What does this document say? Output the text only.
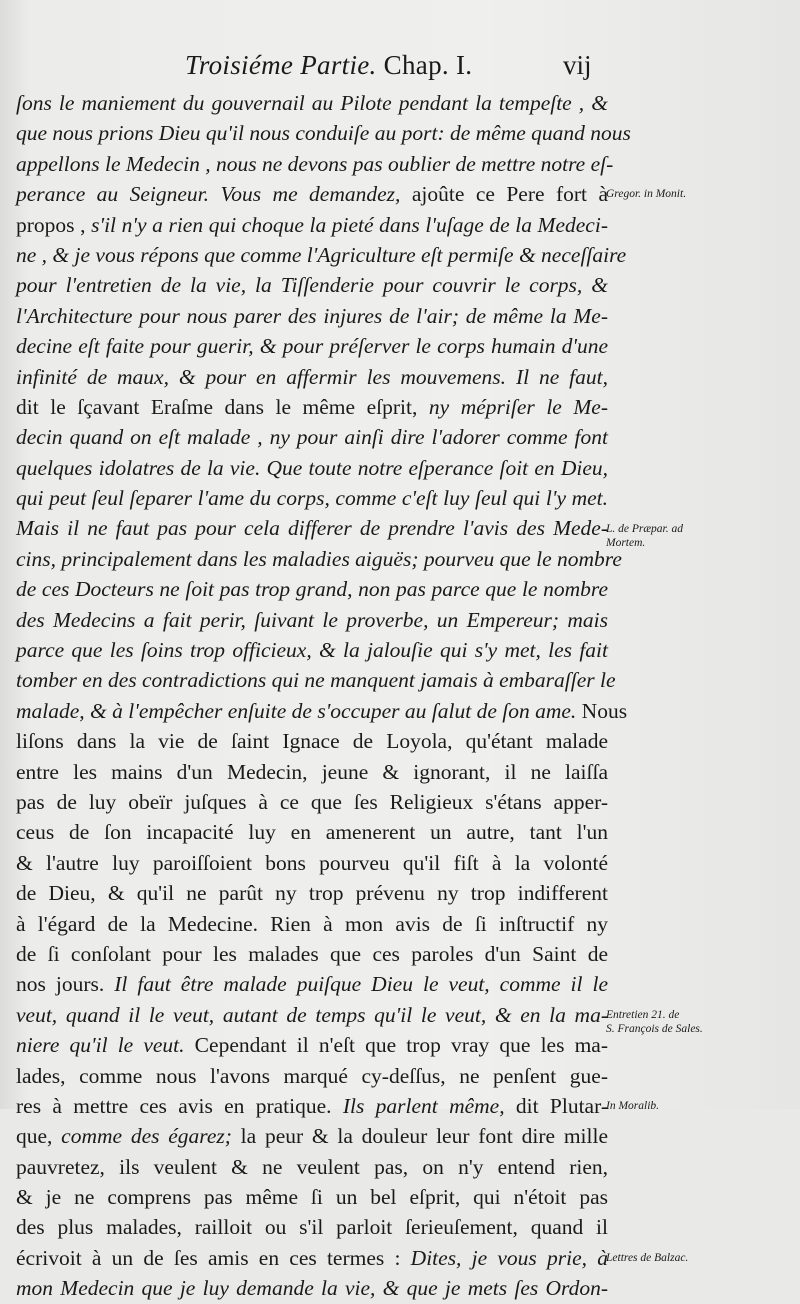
Troisiéme Partie. Chap. I.	vij
ſons le maniement du gouvernail au Pilote pendant la tempeſte , &
que nous prions Dieu qu'il nous conduiſe au port: de même quand nous
appellons le Medecin , nous ne devons pas oublier de mettre notre eſ-
perance au Seigneur. Vous me demandez, ajoûte ce Pere fort à
propos , s'il n'y a rien qui choque la pieté dans l'uſage de la Medeci-
ne , & je vous répons que comme l'Agriculture eſt permiſe & neceſſaire
pour l'entretien de la vie, la Tiſſenderie pour couvrir le corps, &
l'Architecture pour nous parer des injures de l'air; de même la Me-
decine eſt faite pour guerir, & pour préſerver le corps humain d'une
infinité de maux, & pour en affermir les mouvemens. Il ne faut,
dit le ſçavant Eraſme dans le même eſprit, ny mépriſer le Me-
decin quand on eſt malade , ny pour ainſi dire l'adorer comme font
quelques idolatres de la vie. Que toute notre eſperance ſoit en Dieu,
qui peut ſeul ſeparer l'ame du corps, comme c'eſt luy ſeul qui l'y met.
Mais il ne faut pas pour cela differer de prendre l'avis des Mede-
cins, principalement dans les maladies aiguës; pourveu que le nombre
de ces Docteurs ne ſoit pas trop grand, non pas parce que le nombre
des Medecins a fait perir, ſuivant le proverbe, un Empereur; mais
parce que les ſoins trop officieux, & la jalouſie qui s'y met, les fait
tomber en des contradictions qui ne manquent jamais à embaraſſer le
malade, & à l'empêcher enſuite de s'occuper au ſalut de ſon ame. Nous
liſons dans la vie de ſaint Ignace de Loyola, qu'étant malade
entre les mains d'un Medecin, jeune & ignorant, il ne laiſſa
pas de luy obeïr juſques à ce que ſes Religieux s'étans apper-
ceus de ſon incapacité luy en amenerent un autre, tant l'un
& l'autre luy paroiſſoient bons pourveu qu'il fiſt à la volonté
de Dieu, & qu'il ne parût ny trop prévenu ny trop indifferent
à l'égard de la Medecine. Rien à mon avis de ſi inſtructif ny
de ſi conſolant pour les malades que ces paroles d'un Saint de
nos jours. Il faut être malade puiſque Dieu le veut, comme il le
veut, quand il le veut, autant de temps qu'il le veut, & en la ma-
niere qu'il le veut. Cependant il n'eſt que trop vray que les ma-
lades, comme nous l'avons marqué cy-deſſus, ne penſent gue-
res à mettre ces avis en pratique. Ils parlent même, dit Plutar-
que, comme des égarez; la peur & la douleur leur font dire mille
pauvretez, ils veulent & ne veulent pas, on n'y entend rien,
& je ne comprens pas même ſi un bel eſprit, qui n'étoit pas
des plus malades, railloit ou s'il parloit ſerieuſement, quand il
écrivoit à un de ſes amis en ces termes : Dites, je vous prie, à
mon Medecin que je luy demande la vie, & que je mets ſes Ordon-
Gregor. in Monit.
L. de Præpar. ad
Mortem.
Entretien 21. de
S. François de Sales.
In Moralib.
Lettres de Balzac.
